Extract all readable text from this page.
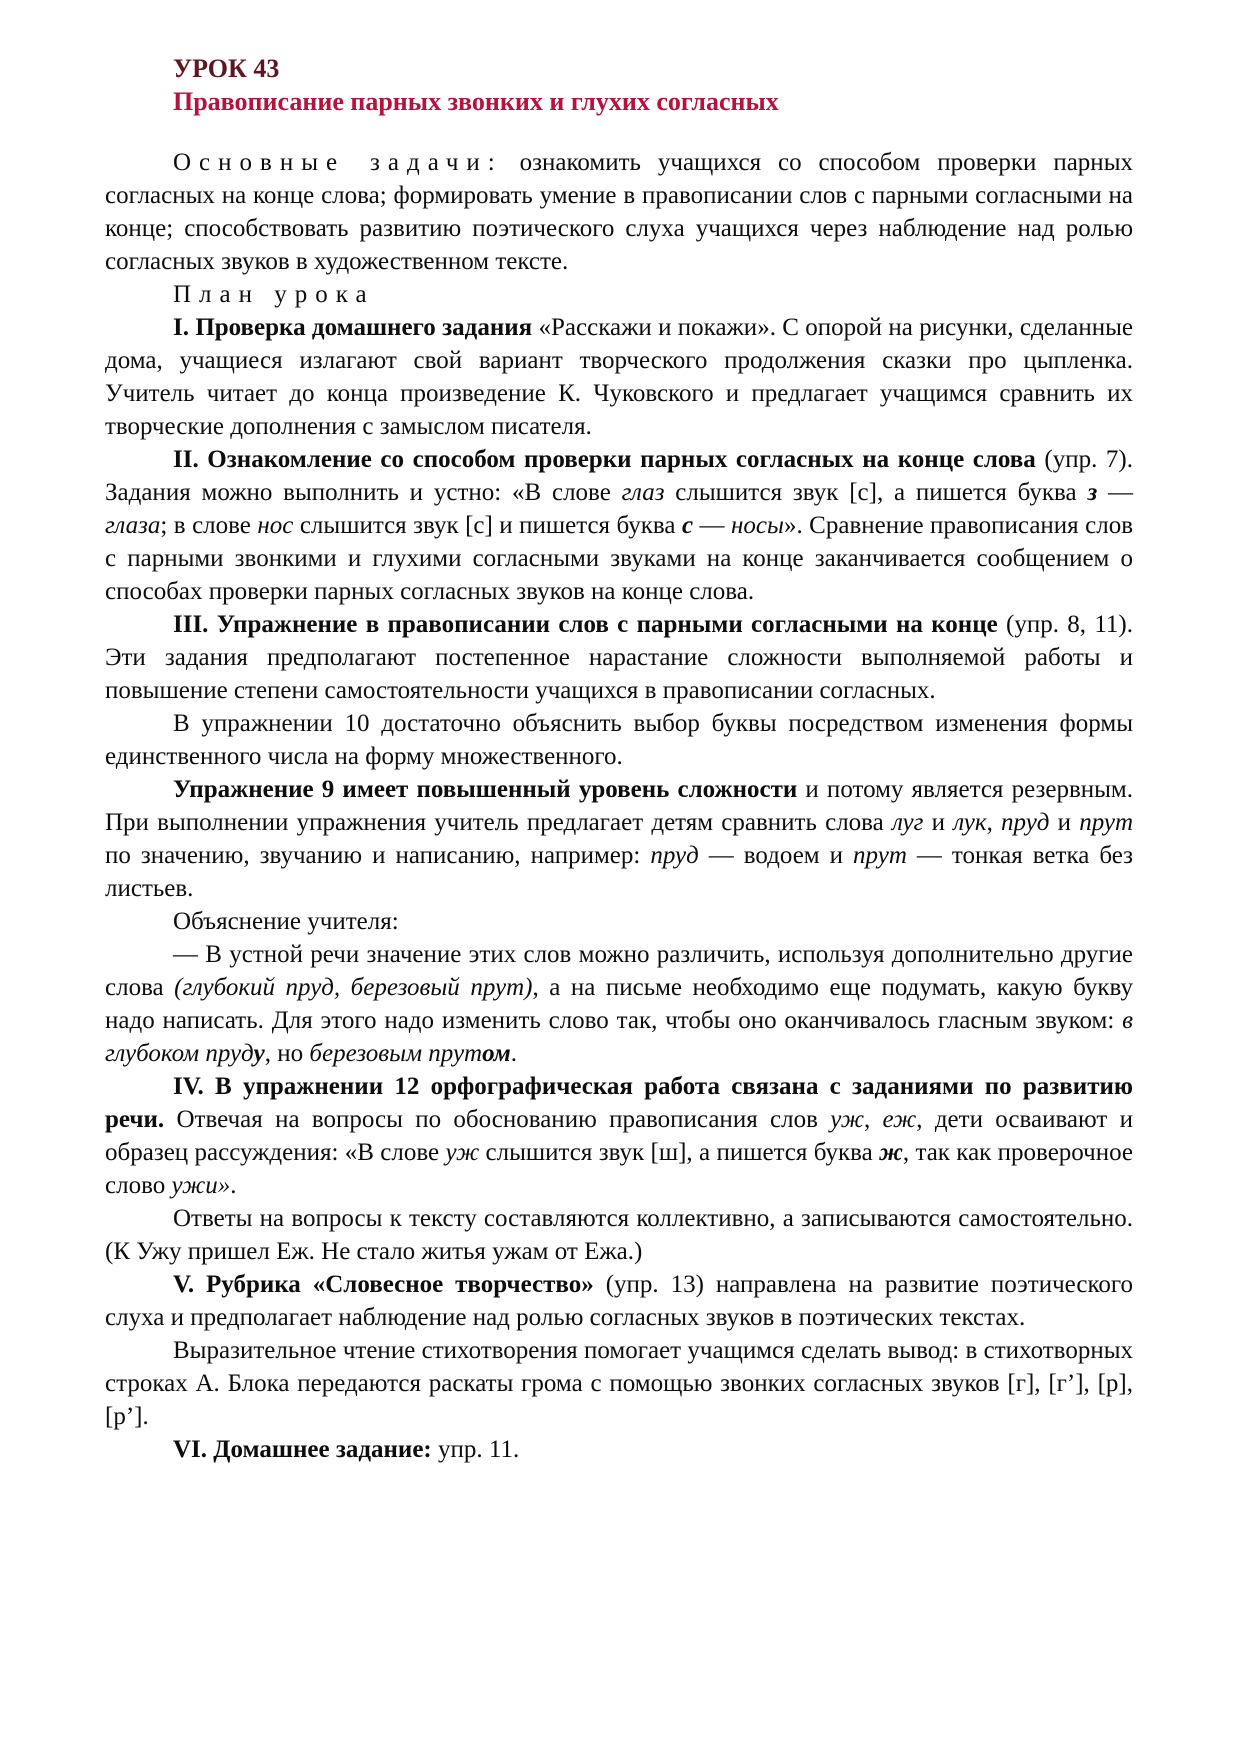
УРОК 43

Правописание парных звонких и глухих согласных

Основные задачи: ознакомить учащихся со способом проверки парных согласных на конце слова; формировать умение в правописании слов с парными согласными на конце; способствовать развитию поэтического слуха учащихся через наблюдение над ролью согласных звуков в художественном тексте.

План урока

I. Проверка домашнего задания «Расскажи и покажи». С опорой на рисунки, сделанные дома, учащиеся излагают свой вариант творческого продолжения сказки про цыпленка. Учитель читает до конца произведение К. Чуковского и предлагает учащимся сравнить их творческие дополнения с замыслом писателя.

II. Ознакомление со способом проверки парных согласных на конце слова (упр. 7). Задания можно выполнить и устно: «В слове глаз слышится звук [с], а пишется буква з — глаза; в слове нос слышится звук [с] и пишется буква с — носы». Сравнение правописания слов с парными звонкими и глухими согласными звуками на конце заканчивается сообщением о способах проверки парных согласных звуков на конце слова.

III. Упражнение в правописании слов с парными согласными на конце (упр. 8, 11). Эти задания предполагают постепенное нарастание сложности выполняемой работы и повышение степени самостоятельности учащихся в правописании согласных.

В упражнении 10 достаточно объяснить выбор буквы посредством изменения формы единственного числа на форму множественного.

Упражнение 9 имеет повышенный уровень сложности и потому является резервным. При выполнении упражнения учитель предлагает детям сравнить слова луг и лук, пруд и прут по значению, звучанию и написанию, например: пруд — водоем и прут — тонкая ветка без листьев.

Объяснение учителя:

— В устной речи значение этих слов можно различить, используя дополнительно другие слова (глубокий пруд, березовый прут), а на письме необходимо еще подумать, какую букву надо написать. Для этого надо изменить слово так, чтобы оно оканчивалось гласным звуком: в глубоком пруду, но березовым прутом.

IV. В упражнении 12 орфографическая работа связана с заданиями по развитию речи. Отвечая на вопросы по обоснованию правописания слов уж, еж, дети осваивают и образец рассуждения: «В слове уж слышится звук [ш], а пишется буква ж, так как проверочное слово ужи».

Ответы на вопросы к тексту составляются коллективно, а записываются самостоятельно. (К Ужу пришел Еж. Не стало житья ужам от Ежа.)

V. Рубрика «Словесное творчество» (упр. 13) направлена на развитие поэтического слуха и предполагает наблюдение над ролью согласных звуков в поэтических текстах.

Выразительное чтение стихотворения помогает учащимся сделать вывод: в стихотворных строках А. Блока передаются раскаты грома с помощью звонких согласных звуков [г], [г’], [р], [р’].

VI. Домашнее задание: упр. 11.
